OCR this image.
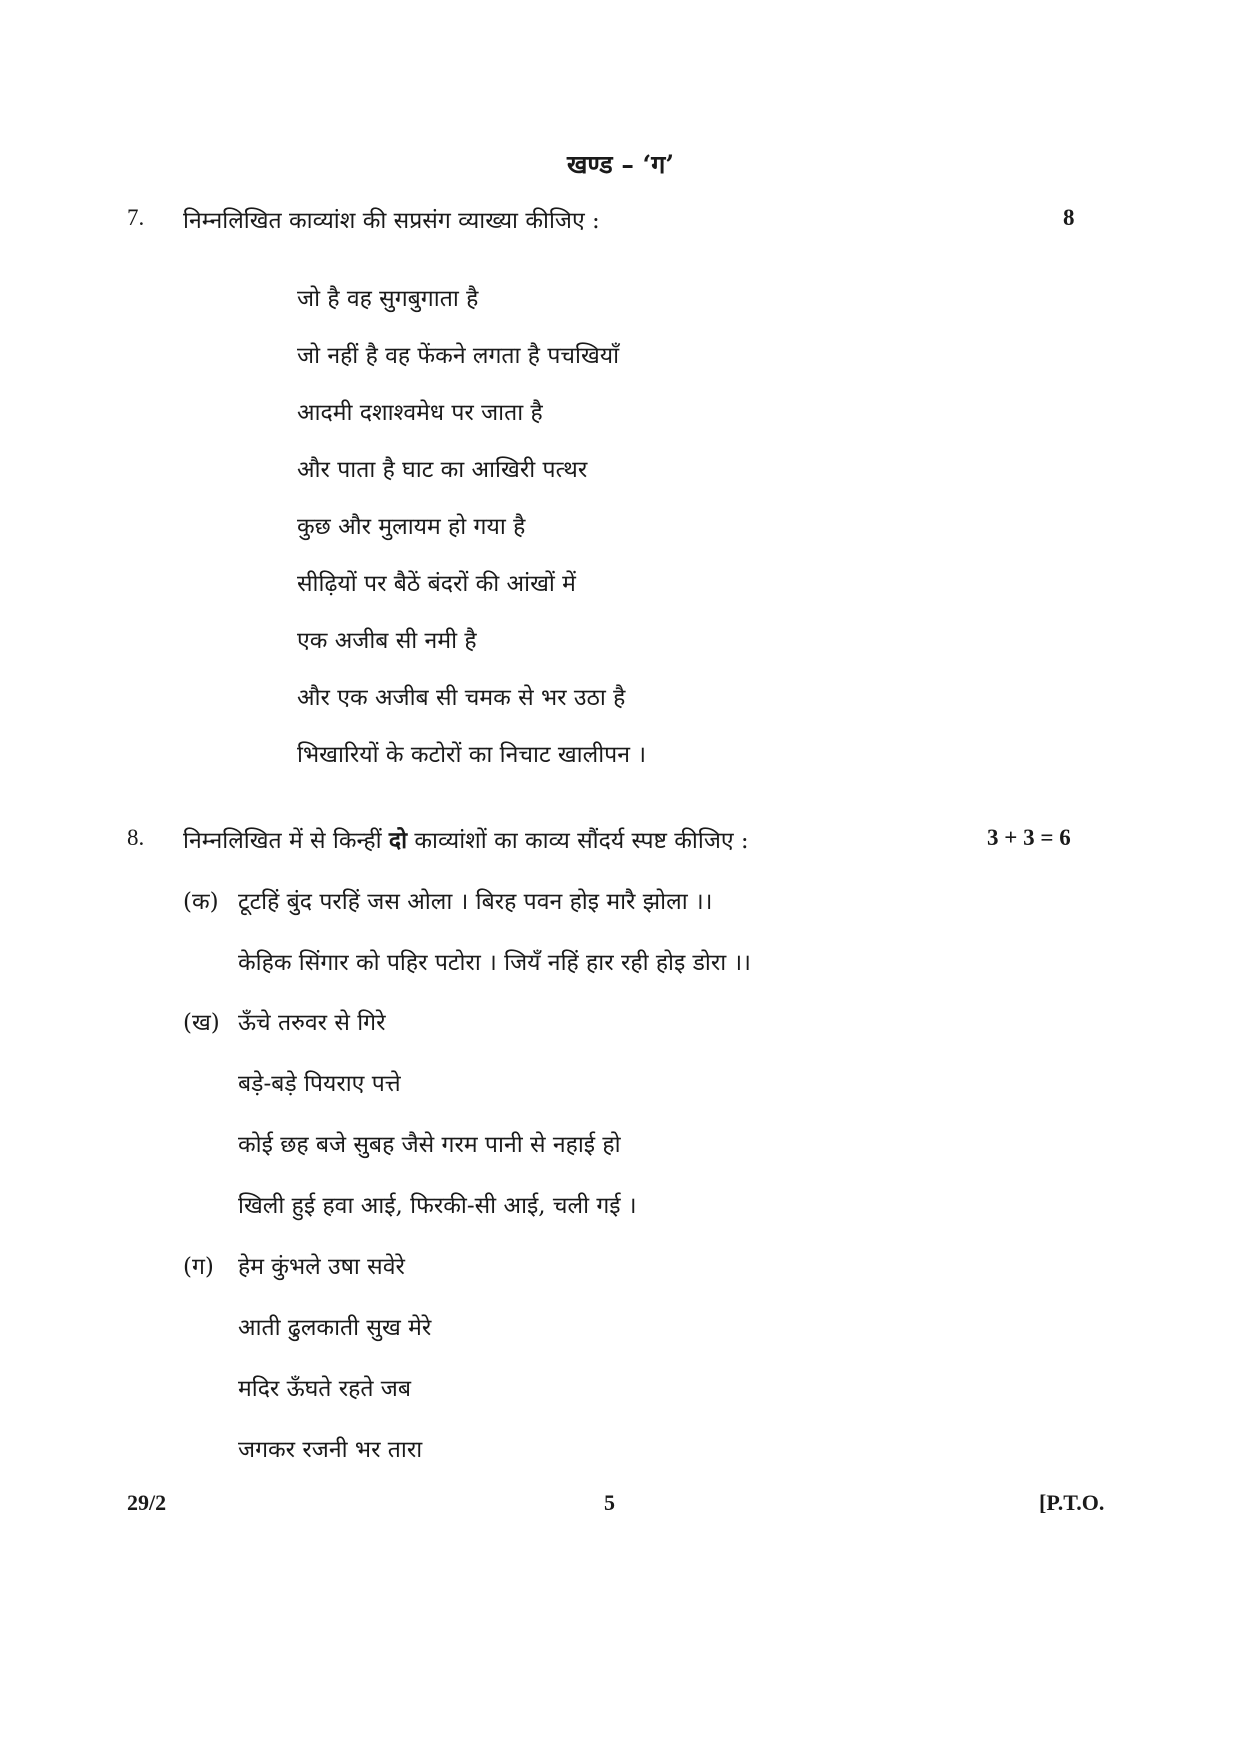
खण्ड – ‘ग’
7. निम्नलिखित काव्यांश की सप्रसंग व्याख्या कीजिए :	8
जो है वह सुगबुगाता है
जो नहीं है वह फेंकने लगता है पचखियाँ
आदमी दशाश्वमेध पर जाता है
और पाता है घाट का आखिरी पत्थर
कुछ और मुलायम हो गया है
सीढ़ियों पर बैठें बंदरों की आंखों में
एक अजीब सी नमी है
और एक अजीब सी चमक से भर उठा है
भिखारियों के कटोरों का निचाट खालीपन ।
8. निम्नलिखित में से किन्हीं दो काव्यांशों का काव्य सौंदर्य स्पष्ट कीजिए :	3 + 3 = 6
(क) टूटहिं बुंद परहिं जस ओला । बिरह पवन होइ मारै झोला ।।
केहिक सिंगार को पहिर पटोरा । जियँ नहिं हार रही होइ डोरा ।।
(ख) ऊँचे तरुवर से गिरे
बड़े-बड़े पियराए पत्ते
कोई छह बजे सुबह जैसे गरम पानी से नहाई हो
खिली हुई हवा आई, फिरकी-सी आई, चली गई ।
(ग) हेम कुंभले उषा सवेरे
आती ढुलकाती सुख मेरे
मदिर ऊँघते रहते जब
जगकर रजनी भर तारा
29/2	5	[P.T.O.
